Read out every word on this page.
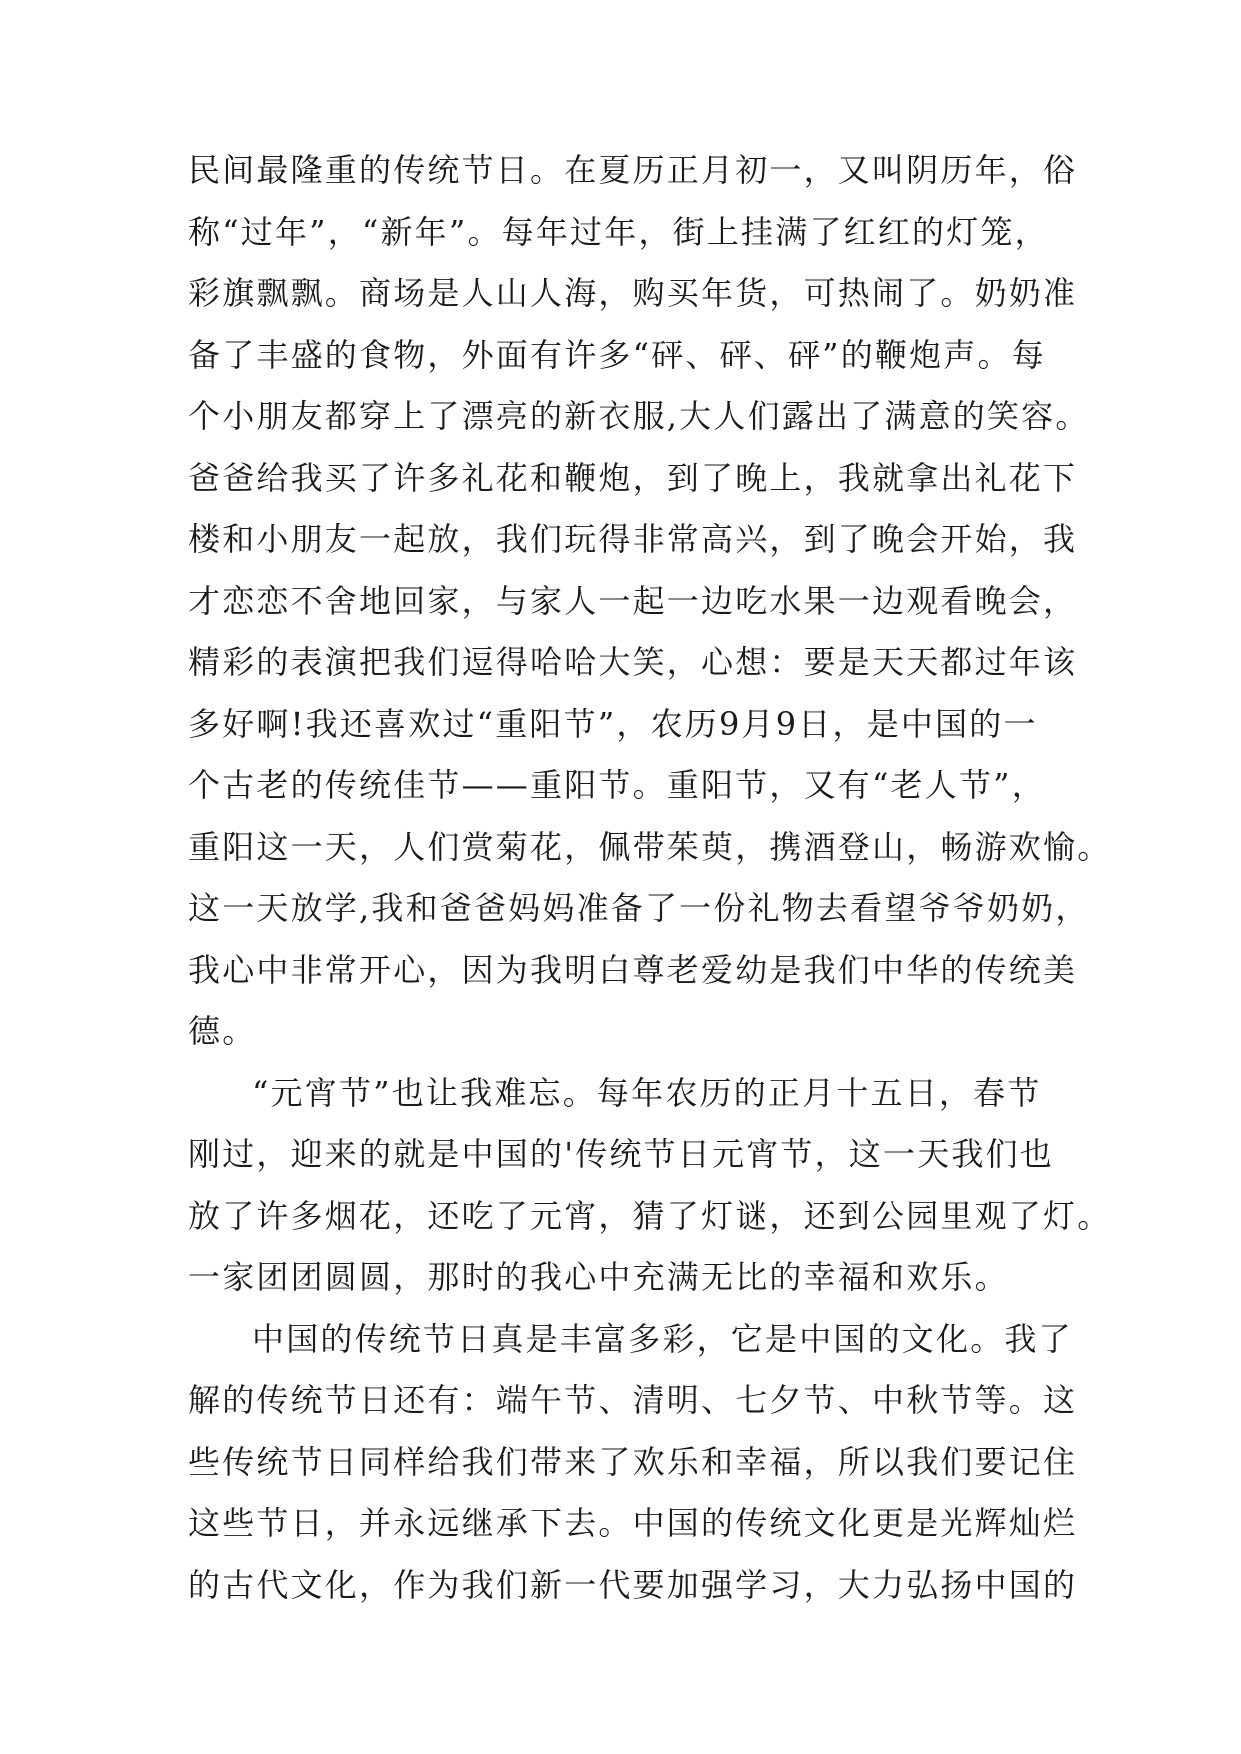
民间最隆重的传统节日。在夏历正月初一，又叫阴历年，俗
称“过年”，“新年”。每年过年，街上挂满了红红的灯笼，
彩旗飘飘。商场是人山人海，购买年货，可热闹了。奶奶准
备了丰盛的食物，外面有许多“砰、砰、砰”的鞭炮声。每
个小朋友都穿上了漂亮的新衣服,大人们露出了满意的笑容。
爸爸给我买了许多礼花和鞭炮，到了晚上，我就拿出礼花下
楼和小朋友一起放，我们玩得非常高兴，到了晚会开始，我
才恋恋不舍地回家，与家人一起一边吃水果一边观看晚会，
精彩的表演把我们逗得哈哈大笑，心想：要是天天都过年该
多好啊!我还喜欢过“重阳节”，农历9月9日，是中国的一
个古老的传统佳节——重阳节。重阳节，又有“老人节”，
重阳这一天，人们赏菊花，佩带茱萸，携酒登山，畅游欢愉。
这一天放学,我和爸爸妈妈准备了一份礼物去看望爷爷奶奶，
我心中非常开心，因为我明白尊老爱幼是我们中华的传统美
德。
“元宵节”也让我难忘。每年农历的正月十五日，春节
刚过，迎来的就是中国的'传统节日元宵节，这一天我们也
放了许多烟花，还吃了元宵，猜了灯谜，还到公园里观了灯。
一家团团圆圆，那时的我心中充满无比的幸福和欢乐。
中国的传统节日真是丰富多彩，它是中国的文化。我了
解的传统节日还有：端午节、清明、七夕节、中秋节等。这
些传统节日同样给我们带来了欢乐和幸福，所以我们要记住
这些节日，并永远继承下去。中国的传统文化更是光辉灿烂
的古代文化，作为我们新一代要加强学习，大力弘扬中国的
